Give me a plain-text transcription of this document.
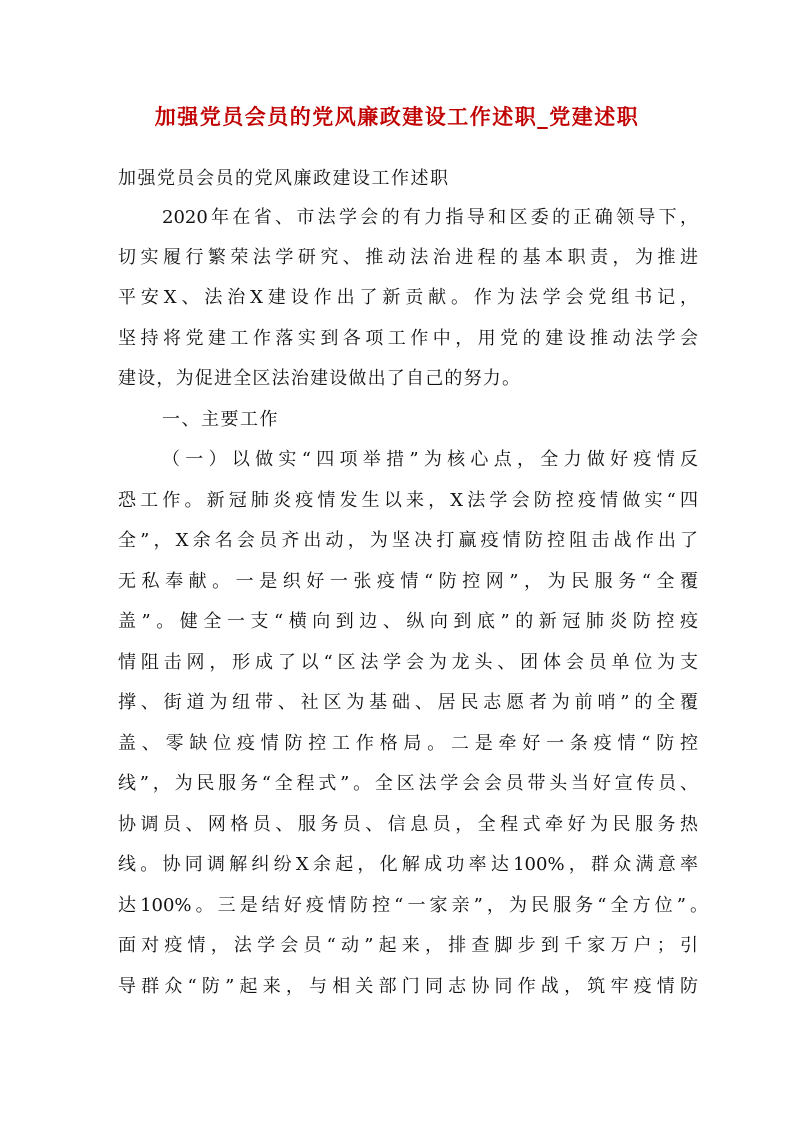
加强党员会员的党风廉政建设工作述职_党建述职
加强党员会员的党风廉政建设工作述职
2020年在省、市法学会的有力指导和区委的正确领导下，
切实履行繁荣法学研究、推动法治进程的基本职责，为推进
平安X、法治X建设作出了新贡献。作为法学会党组书记，
坚持将党建工作落实到各项工作中，用党的建设推动法学会
建设，为促进全区法治建设做出了自己的努力。
一、主要工作
（一）以做实“四项举措”为核心点，全力做好疫情反
恐工作。新冠肺炎疫情发生以来，X法学会防控疫情做实“四
全”，X余名会员齐出动，为坚决打赢疫情防控阻击战作出了
无私奉献。一是织好一张疫情“防控网”，为民服务“全覆
盖”。健全一支“横向到边、纵向到底”的新冠肺炎防控疫
情阻击网，形成了以“区法学会为龙头、团体会员单位为支
撑、街道为纽带、社区为基础、居民志愿者为前哨”的全覆
盖、零缺位疫情防控工作格局。二是牵好一条疫情“防控
线”，为民服务“全程式”。全区法学会会员带头当好宣传员、
协调员、网格员、服务员、信息员，全程式牵好为民服务热
线。协同调解纠纷X余起，化解成功率达100%，群众满意率
达100%。三是结好疫情防控“一家亲”，为民服务“全方位”。
面对疫情，法学会员“动”起来，排查脚步到千家万户；引
导群众“防”起来，与相关部门同志协同作战，筑牢疫情防
